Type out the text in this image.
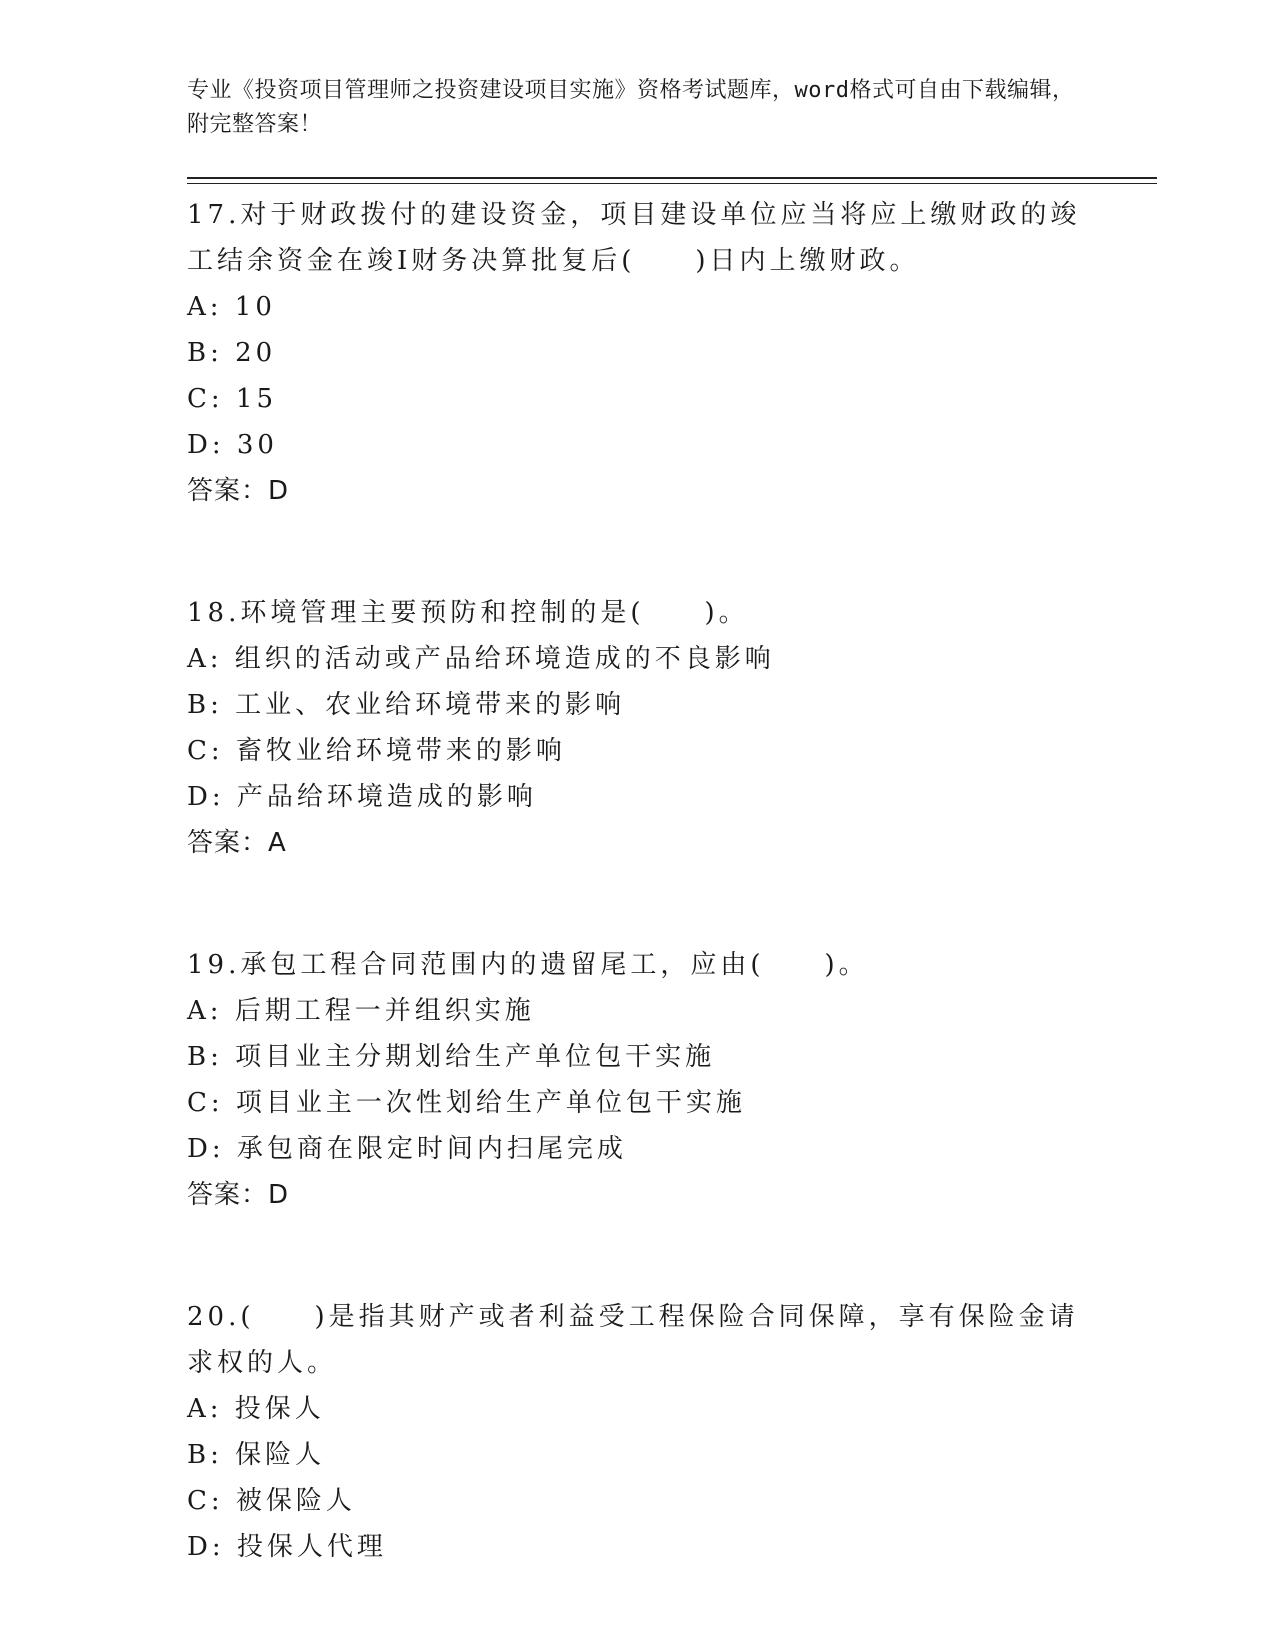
专业《投资项目管理师之投资建设项目实施》资格考试题库，word格式可自由下载编辑，附完整答案！
17.对于财政拨付的建设资金，项目建设单位应当将应上缴财政的竣工结余资金在竣I财务决算批复后(　　)日内上缴财政。
A: 10
B: 20
C: 15
D: 30
答案：D
18.环境管理主要预防和控制的是(　　)。
A: 组织的活动或产品给环境造成的不良影响
B: 工业、农业给环境带来的影响
C: 畜牧业给环境带来的影响
D: 产品给环境造成的影响
答案：A
19.承包工程合同范围内的遗留尾工，应由(　　)。
A: 后期工程一并组织实施
B: 项目业主分期划给生产单位包干实施
C: 项目业主一次性划给生产单位包干实施
D: 承包商在限定时间内扫尾完成
答案：D
20.(　　)是指其财产或者利益受工程保险合同保障，享有保险金请求权的人。
A: 投保人
B: 保险人
C: 被保险人
D: 投保人代理
